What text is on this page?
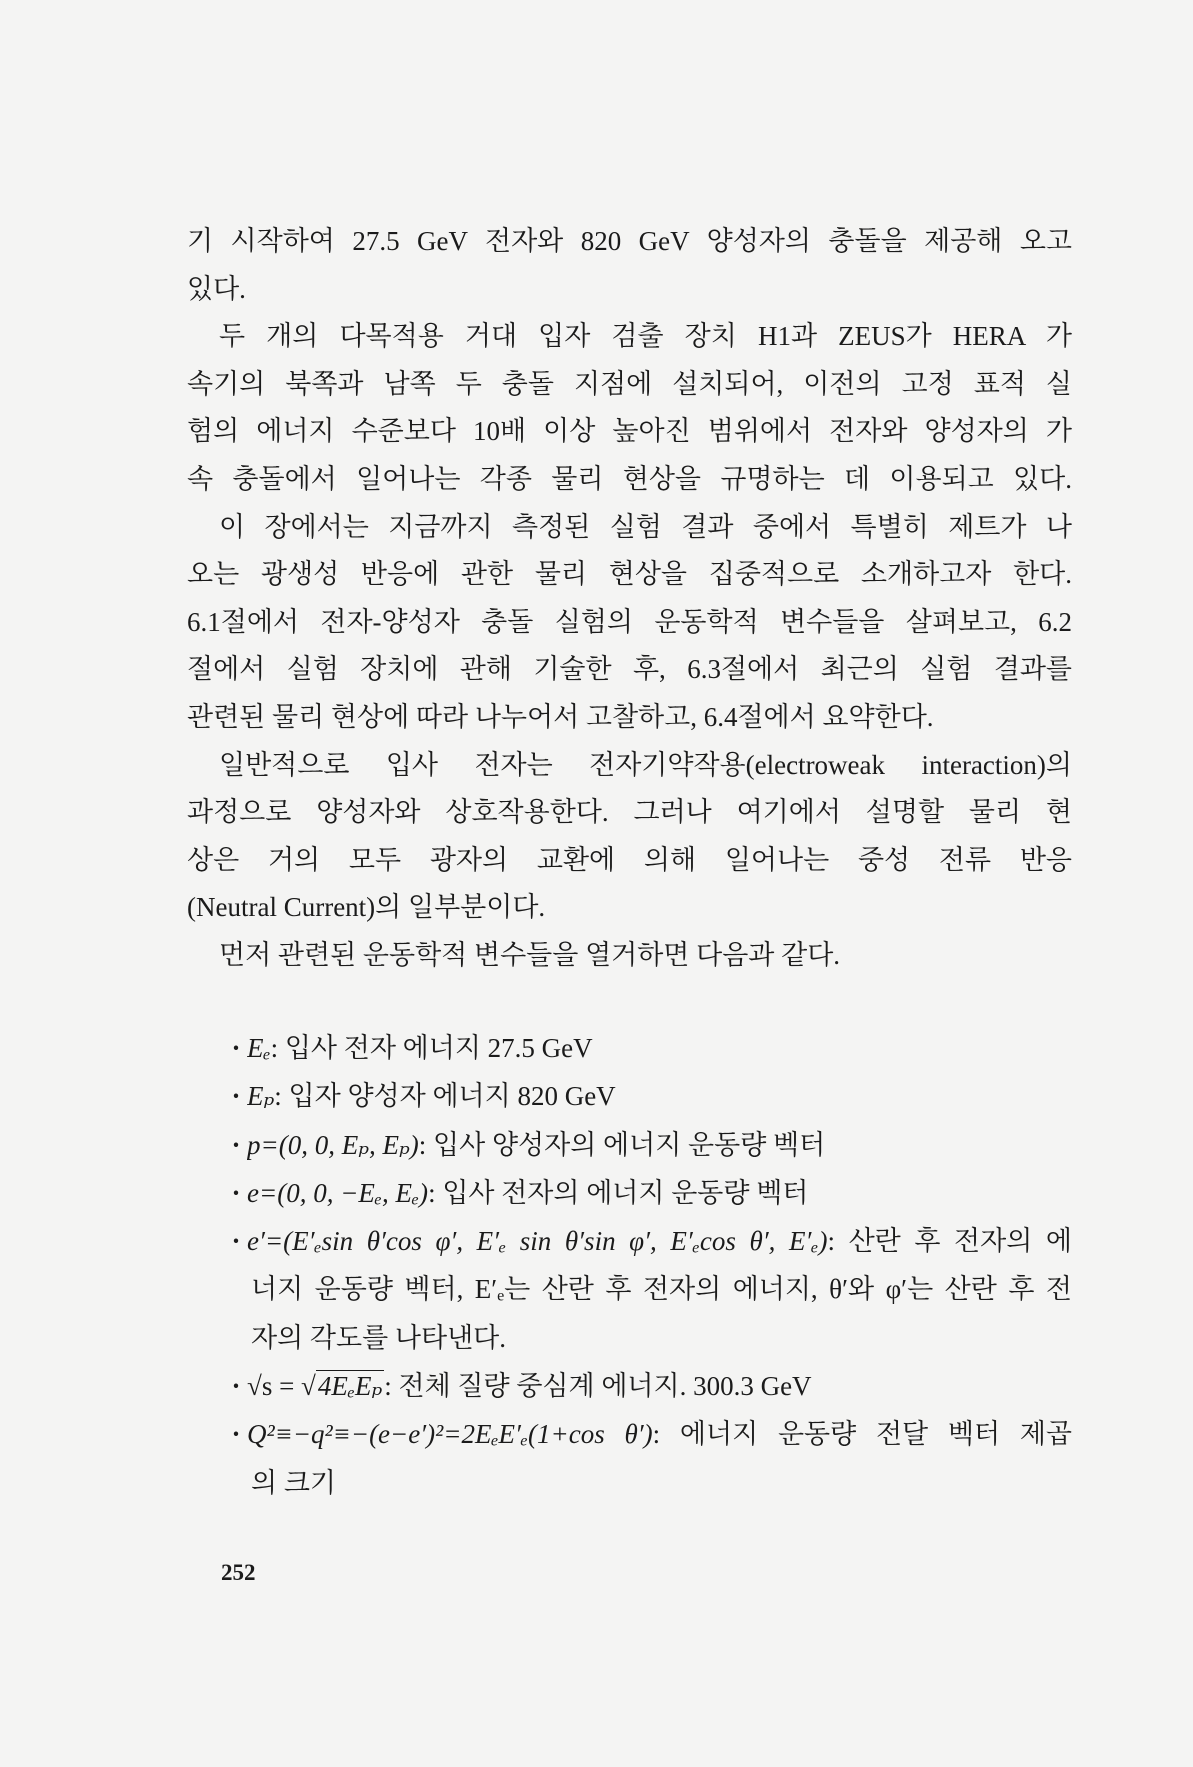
기 시작하여 27.5 GeV 전자와 820 GeV 양성자의 충돌을 제공해 오고
있다.
두 개의 다목적용 거대 입자 검출 장치 H1과 ZEUS가 HERA 가
속기의 북쪽과 남쪽 두 충돌 지점에 설치되어, 이전의 고정 표적 실
험의 에너지 수준보다 10배 이상 높아진 범위에서 전자와 양성자의 가
속 충돌에서 일어나는 각종 물리 현상을 규명하는 데 이용되고 있다.
이 장에서는 지금까지 측정된 실험 결과 중에서 특별히 제트가 나
오는 광생성 반응에 관한 물리 현상을 집중적으로 소개하고자 한다.
6.1절에서 전자-양성자 충돌 실험의 운동학적 변수들을 살펴보고, 6.2
절에서 실험 장치에 관해 기술한 후, 6.3절에서 최근의 실험 결과를
관련된 물리 현상에 따라 나누어서 고찰하고, 6.4절에서 요약한다.
일반적으로 입사 전자는 전자기약작용(electroweak interaction)의
과정으로 양성자와 상호작용한다. 그러나 여기에서 설명할 물리 현
상은 거의 모두 광자의 교환에 의해 일어나는 중성 전류 반응
(Neutral Current)의 일부분이다.
먼저 관련된 운동학적 변수들을 열거하면 다음과 같다.
· Eₑ: 입사 전자 에너지 27.5 GeV
· Eₚ: 입자 양성자 에너지 820 GeV
· p=(0, 0, Eₚ, Eₚ): 입사 양성자의 에너지 운동량 벡터
· e=(0, 0, −Eₑ, Eₑ): 입사 전자의 에너지 운동량 벡터
· e′=(E′ₑsin θ′cos φ′, E′ₑ sin θ′sin φ′, E′ₑcos θ′, E′ₑ): 산란 후 전자의 에
너지 운동량 벡터, E′ₑ는 산란 후 전자의 에너지, θ′와 φ′는 산란 후 전
자의 각도를 나타낸다.
· √s = √4EₑEₚ: 전체 질량 중심계 에너지. 300.3 GeV
· Q²≡−q²≡−(e−e′)²=2EₑE′ₑ(1+cos θ′): 에너지 운동량 전달 벡터 제곱
의 크기
252
